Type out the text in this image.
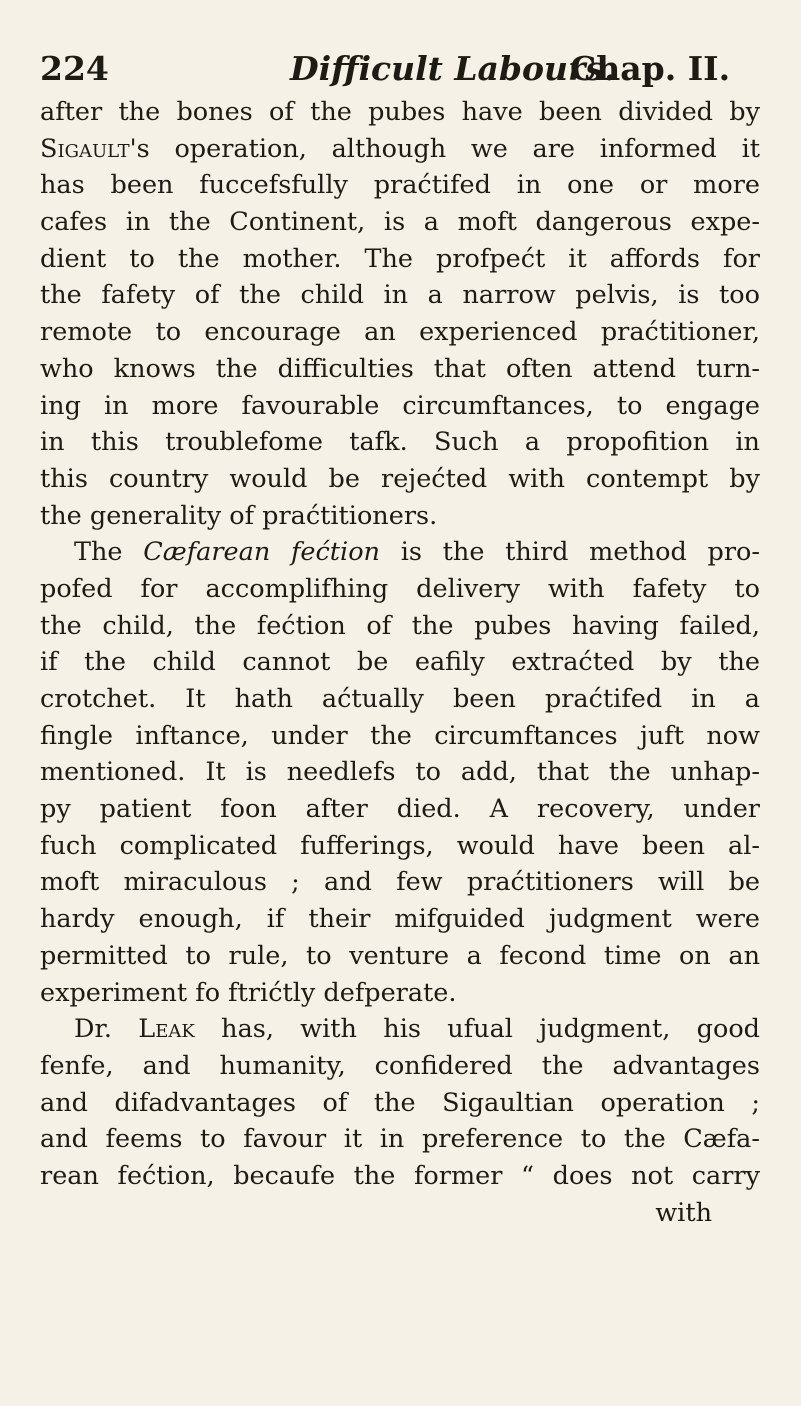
224	Difficult Labours.
Chap. II.
after the bones of the pubes have been divided by
Sigault's operation, although we are informed it
has been fuccefsfully praćtifed in one or more
cafes in the Continent, is a moft dangerous expe-
dient to the mother. The profpećt it affords for
the fafety of the child in a narrow pelvis, is too
remote to encourage an experienced praćtitioner,
who knows the difficulties that often attend turn-
ing in more favourable circumftances, to engage
in this troublefome tafk. Such a propofition in
this country would be rejećted with contempt by
the generality of praćtitioners.
The Cæfarean fećtion is the third method pro-
pofed for accomplifhing delivery with fafety to
the child, the fećtion of the pubes having failed,
if the child cannot be eafily extraćted by the
crotchet. It hath aćtually been praćtifed in a
fingle inftance, under the circumftances juft now
mentioned. It is needlefs to add, that the unhap-
py patient foon after died. A recovery, under
fuch complicated fufferings, would have been al-
moft miraculous ; and few praćtitioners will be
hardy enough, if their mifguided judgment were
permitted to rule, to venture a fecond time on an
experiment fo ftrićtly defperate.
Dr. Leak has, with his ufual judgment, good
fenfe, and humanity, confidered the advantages
and difadvantages of the Sigaultian operation ;
and feems to favour it in preference to the Cæfa-
rean fećtion, becaufe the former “ does not carry
with
